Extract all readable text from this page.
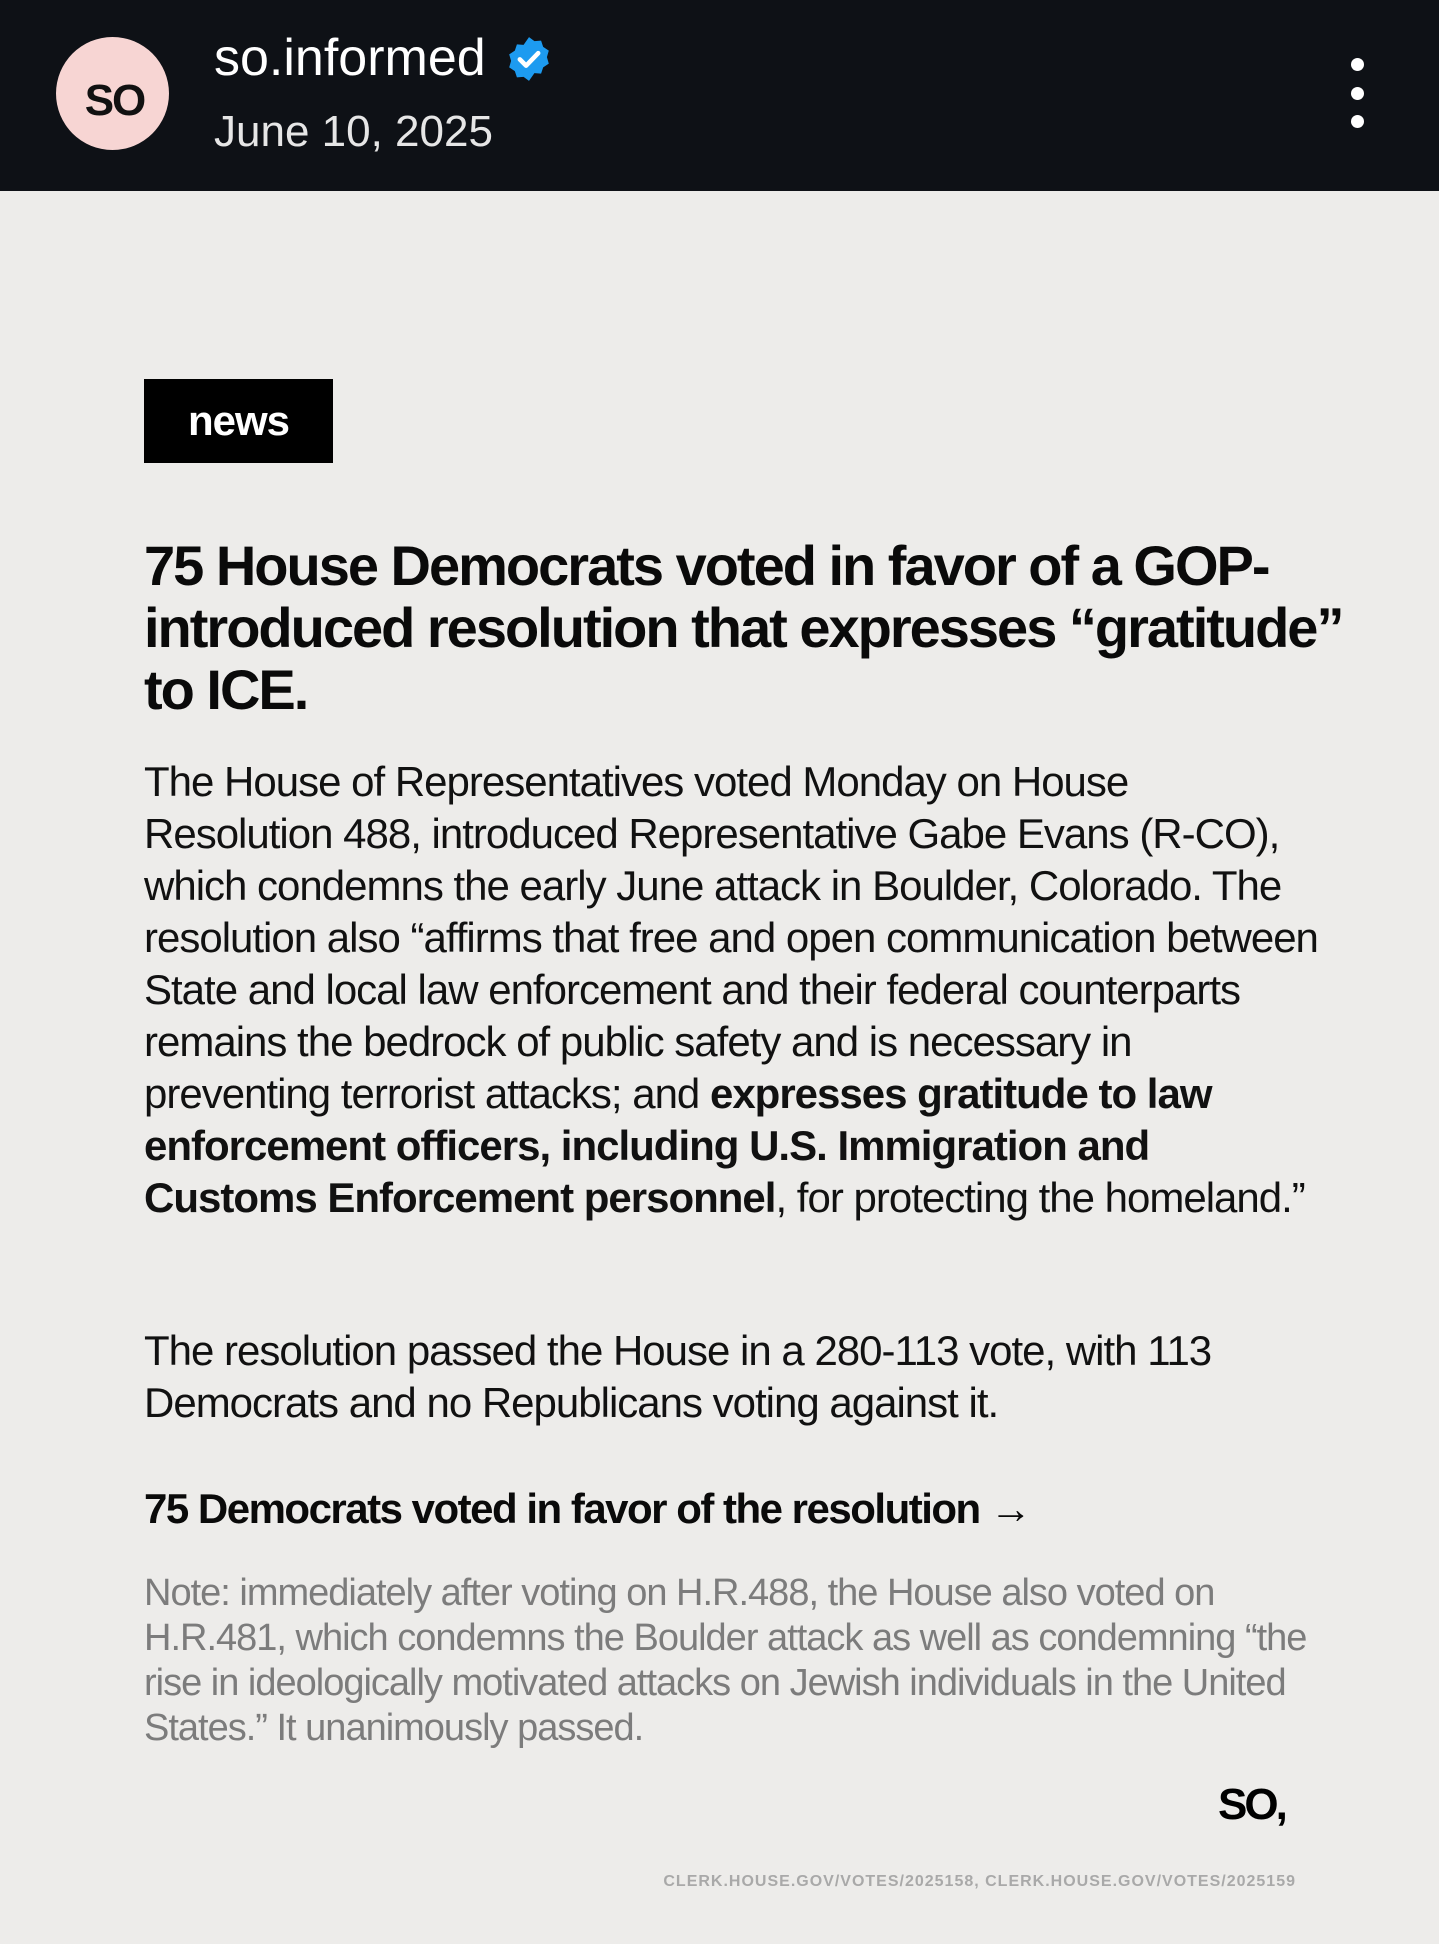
SO
so.informed
June 10, 2025
news
75 House Democrats voted in favor of a GOP-introduced resolution that expresses “gratitude” to ICE.
The House of Representatives voted Monday on House Resolution 488, introduced Representative Gabe Evans (R-CO), which condemns the early June attack in Boulder, Colorado. The resolution also “affirms that free and open communication between State and local law enforcement and their federal counterparts remains the bedrock of public safety and is necessary in preventing terrorist attacks; and expresses gratitude to law enforcement officers, including U.S. Immigration and Customs Enforcement personnel, for protecting the homeland.”
The resolution passed the House in a 280-113 vote, with 113 Democrats and no Republicans voting against it.
75 Democrats voted in favor of the resolution →
Note: immediately after voting on H.R.488, the House also voted on H.R.481, which condemns the Boulder attack as well as condemning “the rise in ideologically motivated attacks on Jewish individuals in the United States.” It unanimously passed.
SO,
CLERK.HOUSE.GOV/VOTES/2025158, CLERK.HOUSE.GOV/VOTES/2025159
